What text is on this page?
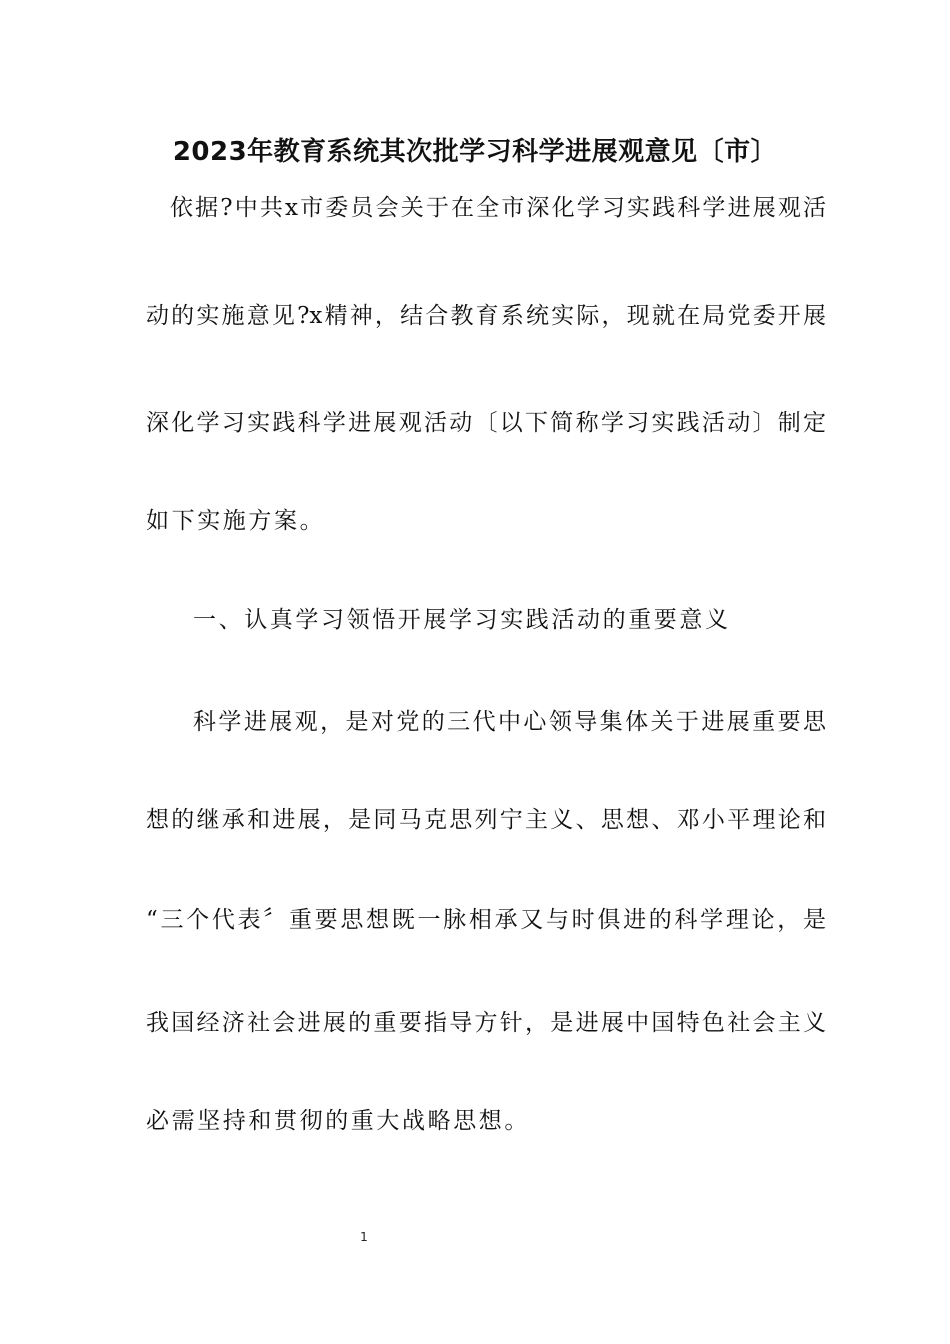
2023年教育系统其次批学习科学进展观意见〔市〕
依据?中共x市委员会关于在全市深化学习实践科学进展观活
动的实施意见?x精神，结合教育系统实际，现就在局党委开展
深化学习实践科学进展观活动〔以下简称学习实践活动〕制定
如下实施方案。
一、认真学习领悟开展学习实践活动的重要意义
科学进展观，是对党的三代中心领导集体关于进展重要思
想的继承和进展，是同马克思列宁主义、思想、邓小平理论和
“三个代表〞重要思想既一脉相承又与时俱进的科学理论，是
我国经济社会进展的重要指导方针，是进展中国特色社会主义
必需坚持和贯彻的重大战略思想。
1
